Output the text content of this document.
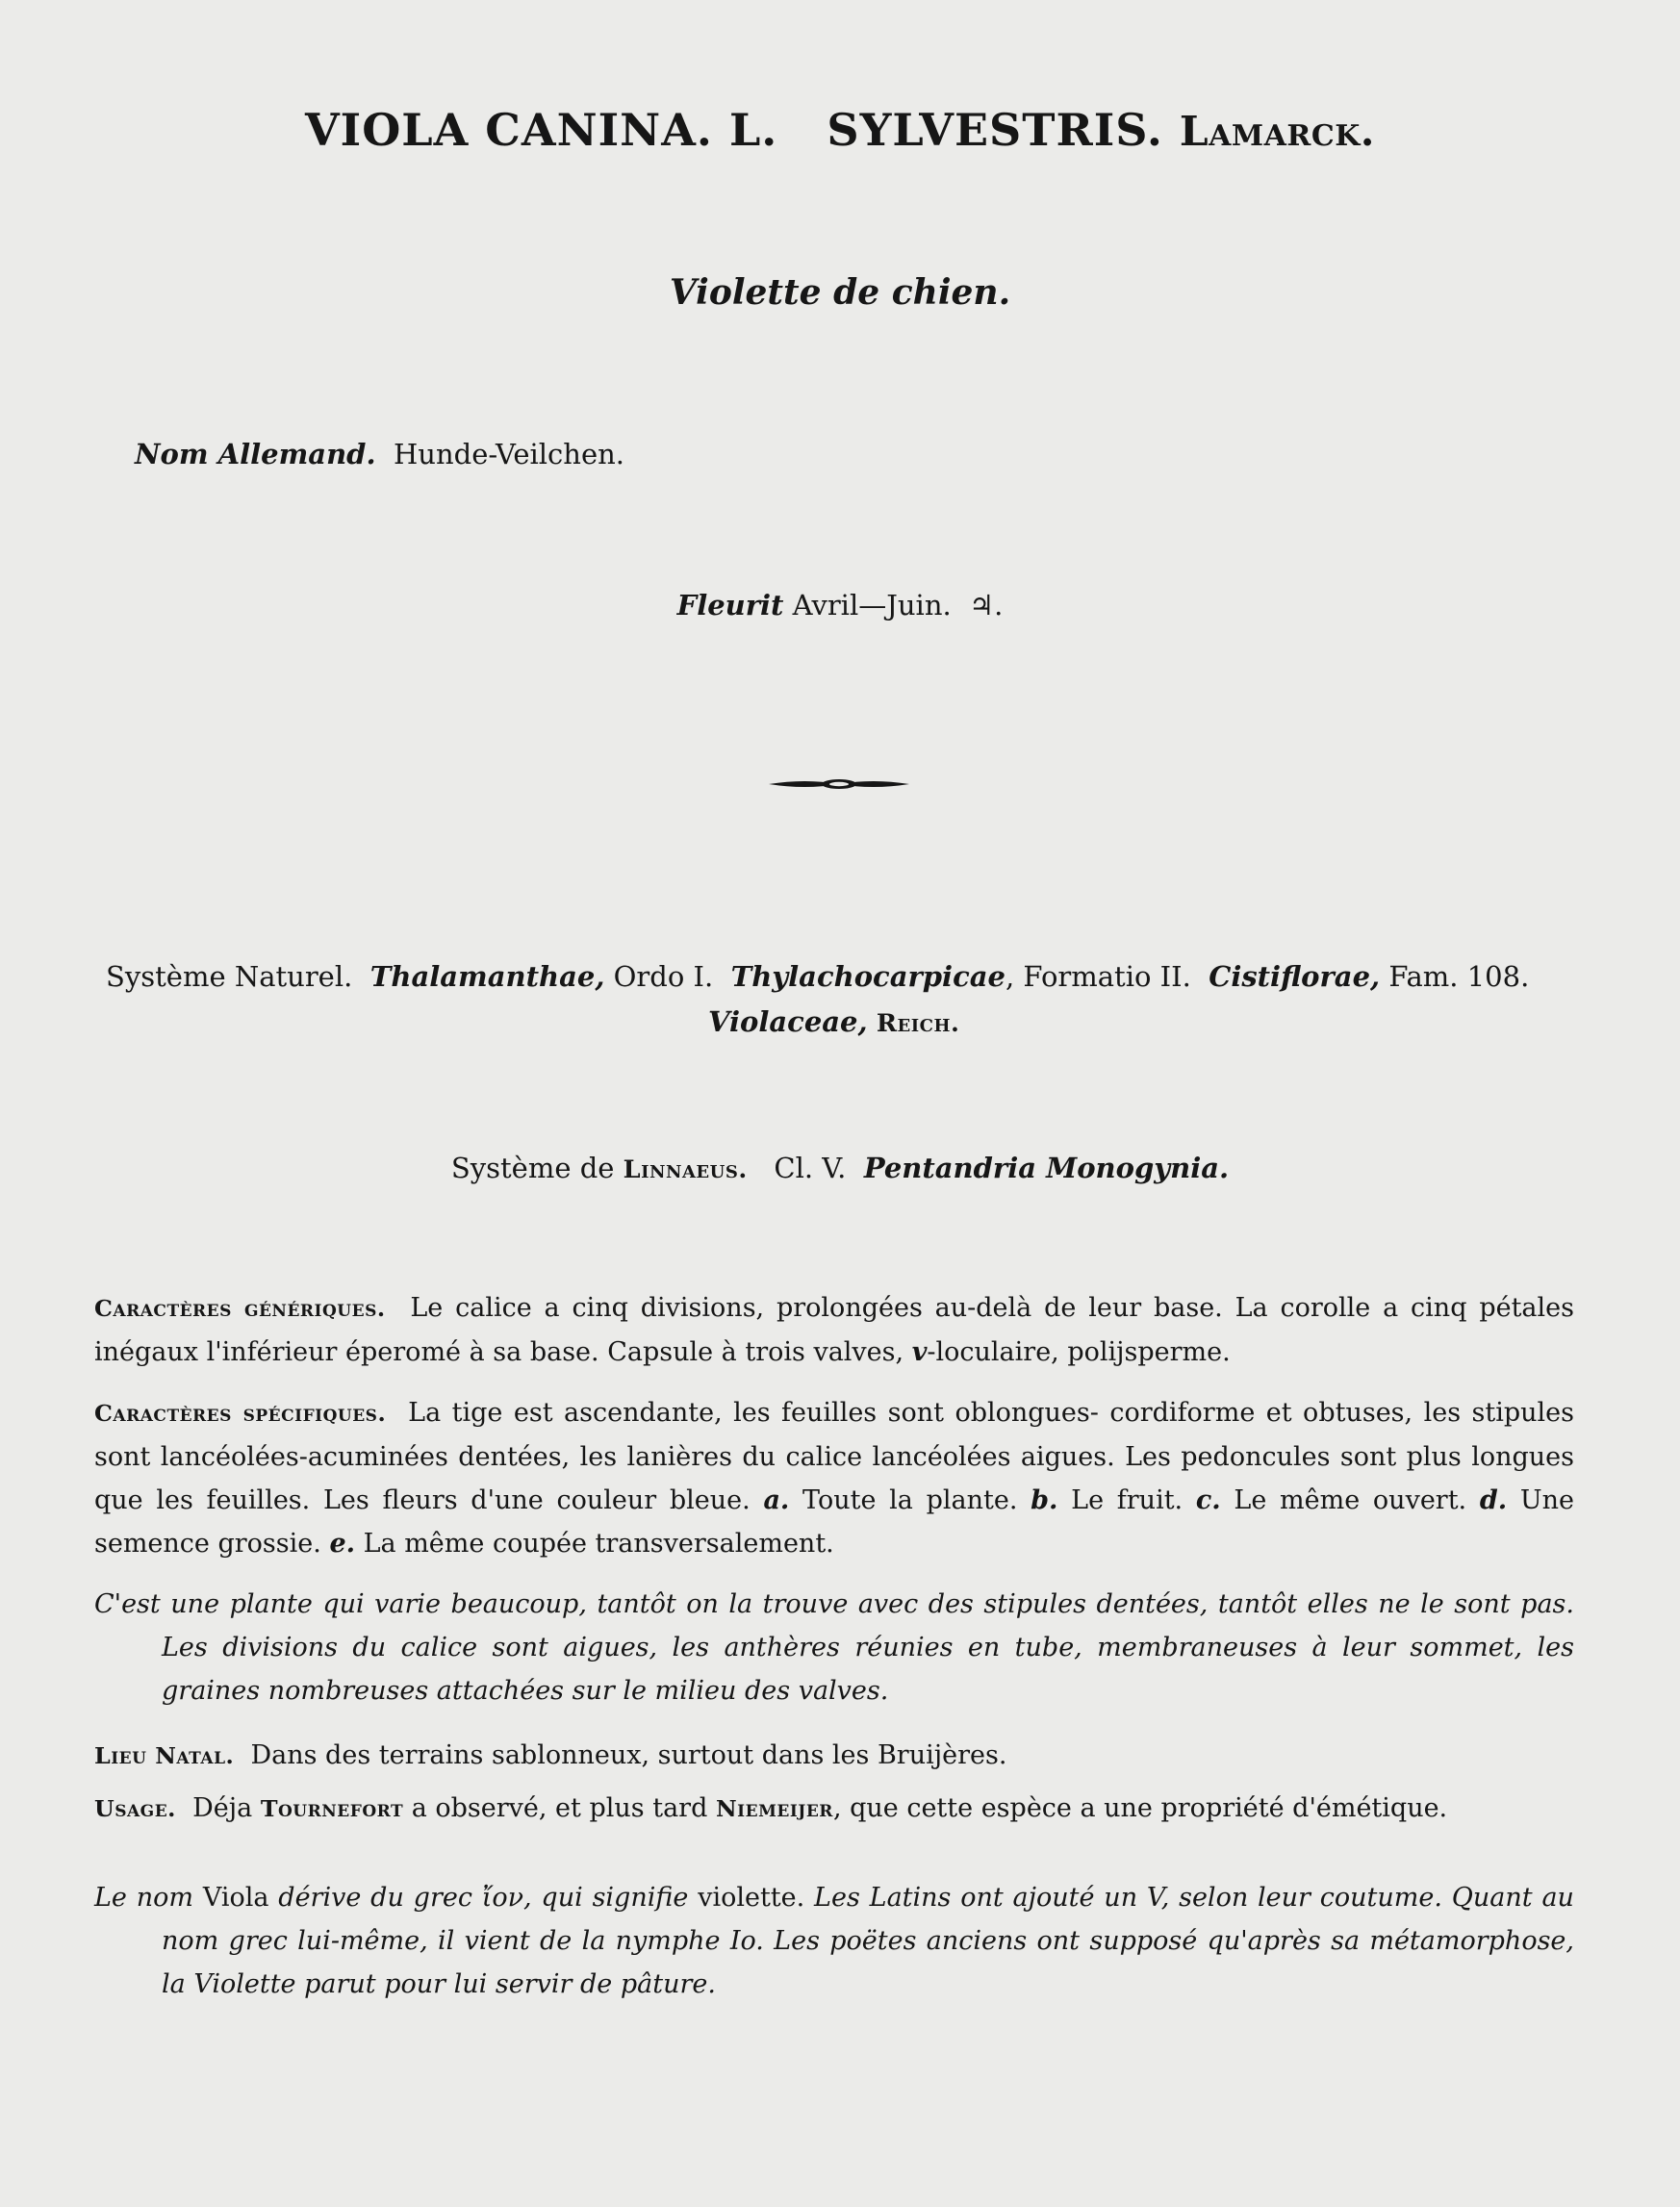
VIOLA CANINA. L. SYLVESTRIS. Lamarck.
Violette de chien.
Nom Allemand. Hunde-Veilchen.
Fleurit Avril—Juin. ♃.
Système Naturel. Thalamanthae, Ordo I. Thylachocarpicae, Formatio II. Cistiflorae, Fam. 108.
Violaceae, Reich.
Système de Linnaeus. Cl. V. Pentandria Monogynia.
Caractères génériques. Le calice a cinq divisions, prolongées au-delà de leur base. La corolle a cinq pétales inégaux l'inférieur éperomé à sa base. Capsule à trois valves, v-loculaire, polijsperme.
Caractères spécifiques. La tige est ascendante, les feuilles sont oblongues- cordiforme et obtuses, les stipules sont lancéolées-acuminées dentées, les lanières du calice lancéolées aigues. Les pedoncules sont plus longues que les feuilles. Les fleurs d'une couleur bleue. a. Toute la plante. b. Le fruit. c. Le même ouvert. d. Une semence grossie. e. La même coupée transversalement.
C'est une plante qui varie beaucoup, tantôt on la trouve avec des stipules dentées, tantôt elles ne le sont pas. Les divisions du calice sont aigues, les anthères réunies en tube, membraneuses à leur sommet, les graines nombreuses attachées sur le milieu des valves.
Lieu Natal. Dans des terrains sablonneux, surtout dans les Bruijères.
Usage. Déja Tournefort a observé, et plus tard Niemeijer, que cette espèce a une propriété d'émétique.
Le nom Viola dérive du grec ἴον, qui signifie violette. Les Latins ont ajouté un V, selon leur coutume. Quant au nom grec lui-même, il vient de la nymphe Io. Les poëtes anciens ont supposé qu'après sa métamorphose, la Violette parut pour lui servir de pâture.
